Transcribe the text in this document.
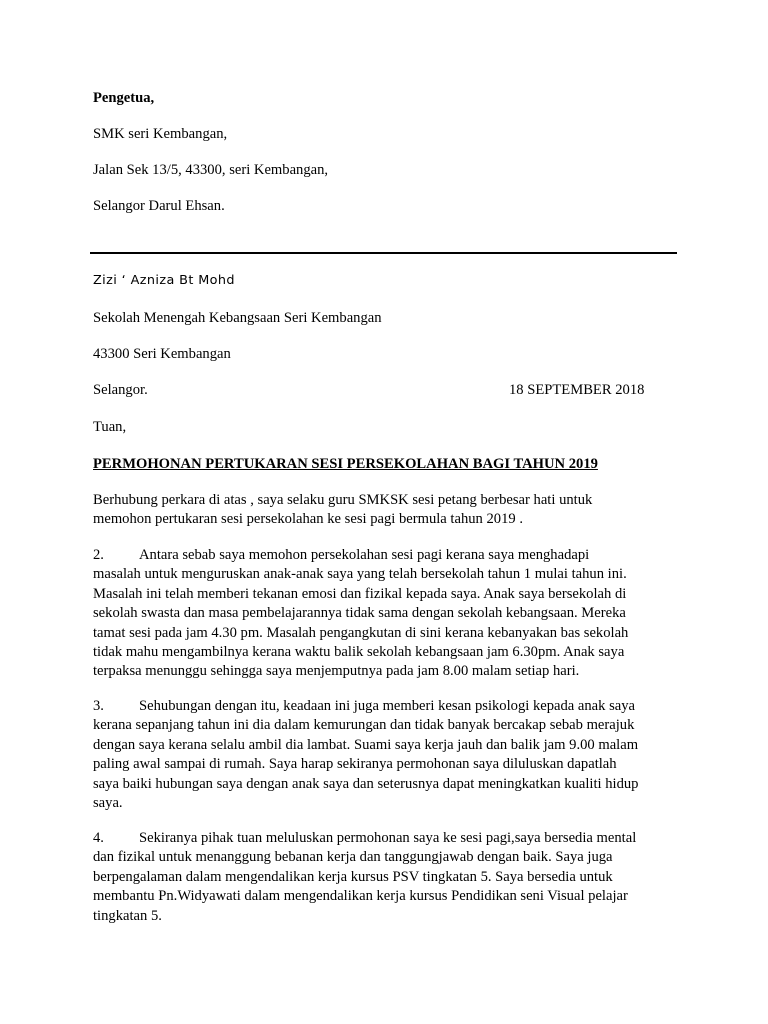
Pengetua,
SMK seri Kembangan,
Jalan Sek 13/5, 43300, seri Kembangan,
Selangor Darul Ehsan.
Zizi ‘ Azniza Bt Mohd
Sekolah Menengah Kebangsaan Seri Kembangan
43300 Seri Kembangan
Selangor.	18 SEPTEMBER 2018
Tuan,
PERMOHONAN PERTUKARAN SESI PERSEKOLAHAN BAGI TAHUN 2019
Berhubung perkara di atas , saya selaku guru SMKSK sesi petang berbesar hati untuk
memohon pertukaran sesi persekolahan ke sesi pagi bermula tahun 2019 .
2. Antara sebab saya memohon persekolahan sesi pagi kerana saya menghadapi
masalah untuk menguruskan anak-anak saya yang telah bersekolah tahun 1 mulai tahun ini.
Masalah ini telah memberi tekanan emosi dan fizikal kepada saya. Anak saya bersekolah di
sekolah swasta dan masa pembelajarannya tidak sama dengan sekolah kebangsaan. Mereka
tamat sesi pada jam 4.30 pm. Masalah pengangkutan di sini kerana kebanyakan bas sekolah
tidak mahu mengambilnya kerana waktu balik sekolah kebangsaan jam 6.30pm. Anak saya
terpaksa menunggu sehingga saya menjemputnya pada jam 8.00 malam setiap hari.
3. Sehubungan dengan itu, keadaan ini juga memberi kesan psikologi kepada anak saya
kerana sepanjang tahun ini dia dalam kemurungan dan tidak banyak bercakap sebab merajuk
dengan saya kerana selalu ambil dia lambat. Suami saya kerja jauh dan balik jam 9.00 malam
paling awal sampai di rumah. Saya harap sekiranya permohonan saya diluluskan dapatlah
saya baiki hubungan saya dengan anak saya dan seterusnya dapat meningkatkan kualiti hidup
saya.
4. Sekiranya pihak tuan meluluskan permohonan saya ke sesi pagi,saya bersedia mental
dan fizikal untuk menanggung bebanan kerja dan tanggungjawab dengan baik. Saya juga
berpengalaman dalam mengendalikan kerja kursus PSV tingkatan 5. Saya bersedia untuk
membantu Pn.Widyawati dalam mengendalikan kerja kursus Pendidikan seni Visual pelajar
tingkatan 5.
